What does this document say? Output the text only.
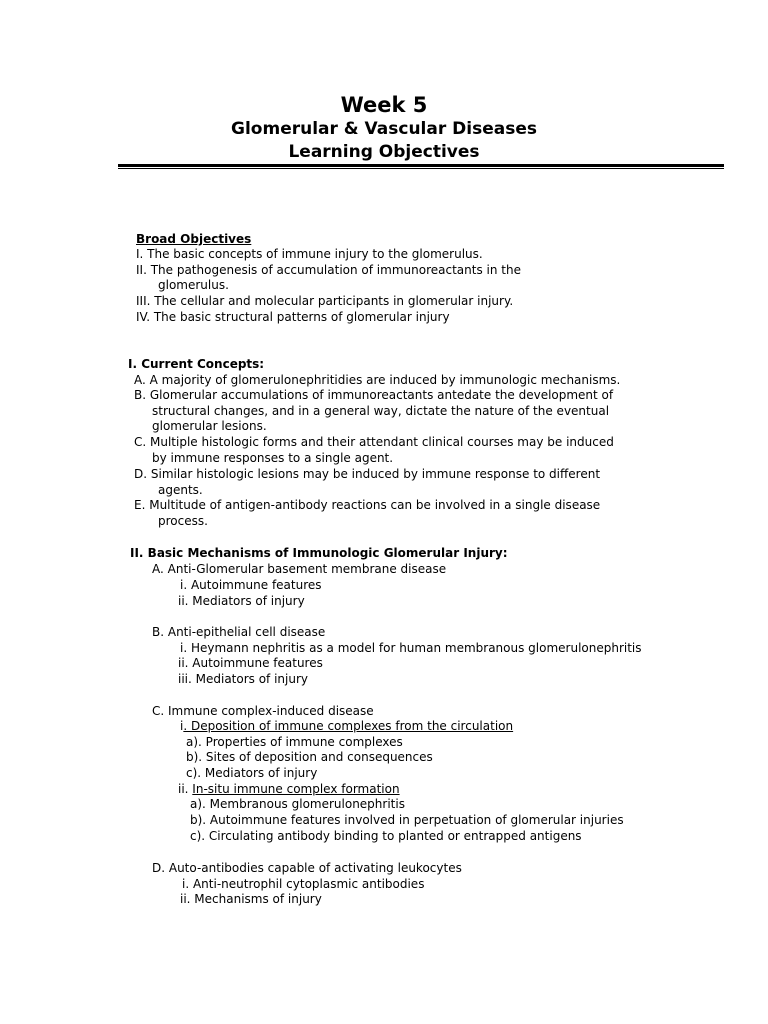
Week 5
Glomerular & Vascular Diseases
Learning Objectives
Broad Objectives
I. The basic concepts of immune injury to the glomerulus.
II. The pathogenesis of accumulation of immunoreactants in the
glomerulus.
III. The cellular and molecular participants in glomerular injury.
IV. The basic structural patterns of glomerular injury
I. Current Concepts:
A. A majority of glomerulonephritidies are induced by immunologic mechanisms.
B. Glomerular accumulations of immunoreactants antedate the development of
structural changes, and in a general way, dictate the nature of the eventual
glomerular lesions.
C. Multiple histologic forms and their attendant clinical courses may be induced
by immune responses to a single agent.
D. Similar histologic lesions may be induced by immune response to different
agents.
E. Multitude of antigen-antibody reactions can be involved in a single disease
process.
II. Basic Mechanisms of Immunologic Glomerular Injury:
A. Anti-Glomerular basement membrane disease
i. Autoimmune features
ii. Mediators of injury
B. Anti-epithelial cell disease
i. Heymann nephritis as a model for human membranous glomerulonephritis
ii. Autoimmune features
iii. Mediators of injury
C. Immune complex-induced disease
i. Deposition of immune complexes from the circulation
a). Properties of immune complexes
b). Sites of deposition and consequences
c). Mediators of injury
ii. In-situ immune complex formation
a). Membranous glomerulonephritis
b). Autoimmune features involved in perpetuation of glomerular injuries
c). Circulating antibody binding to planted or entrapped antigens
D. Auto-antibodies capable of activating leukocytes
i. Anti-neutrophil cytoplasmic antibodies
ii. Mechanisms of injury
